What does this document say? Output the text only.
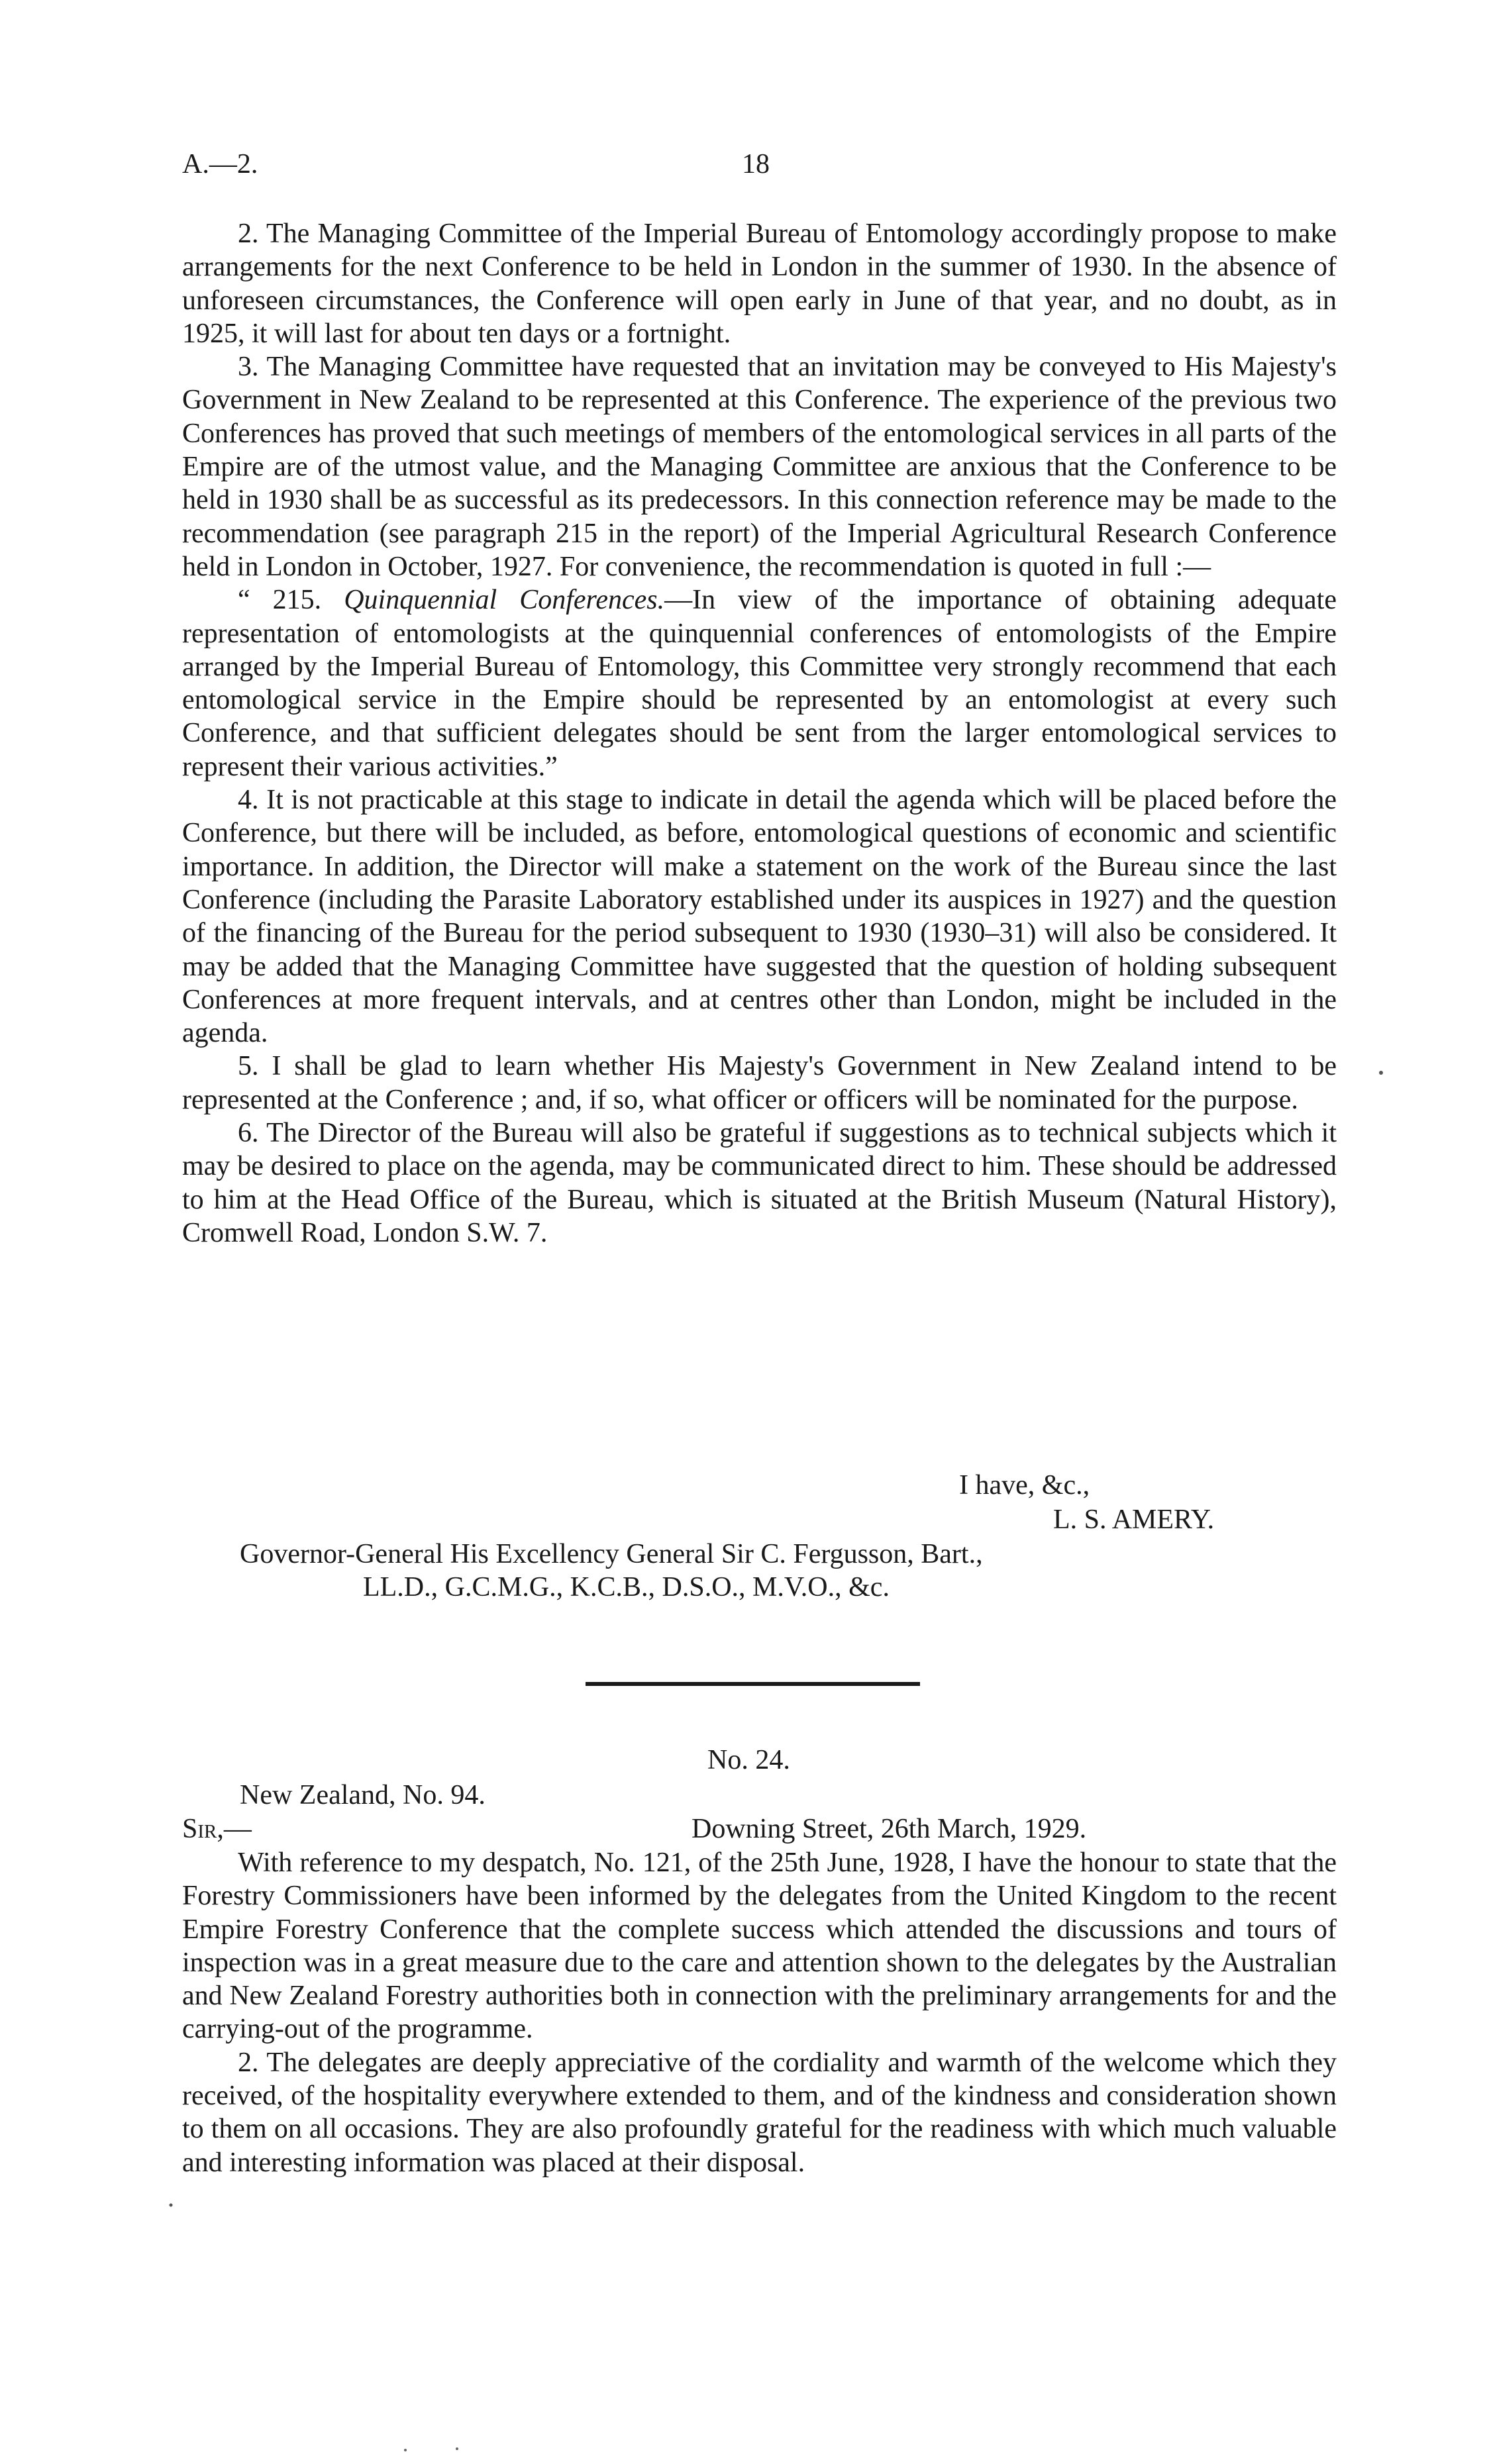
A.—2.	18

2. The Managing Committee of the Imperial Bureau of Entomology accordingly propose to make arrangements for the next Conference to be held in London in the summer of 1930. In the absence of unforeseen circumstances, the Conference will open early in June of that year, and no doubt, as in 1925, it will last for about ten days or a fortnight.

3. The Managing Committee have requested that an invitation may be conveyed to His Majesty's Government in New Zealand to be represented at this Conference. The experience of the previous two Conferences has proved that such meetings of members of the entomological services in all parts of the Empire are of the utmost value, and the Managing Committee are anxious that the Conference to be held in 1930 shall be as successful as its predecessors. In this connection reference may be made to the recommendation (see paragraph 215 in the report) of the Imperial Agricultural Research Conference held in London in October, 1927. For convenience, the recommendation is quoted in full :—

“ 215. Quinquennial Conferences.—In view of the importance of obtaining adequate representation of entomologists at the quinquennial conferences of entomologists of the Empire arranged by the Imperial Bureau of Entomology, this Committee very strongly recommend that each entomological service in the Empire should be represented by an entomologist at every such Conference, and that sufficient delegates should be sent from the larger entomological services to represent their various activities.”

4. It is not practicable at this stage to indicate in detail the agenda which will be placed before the Conference, but there will be included, as before, entomological questions of economic and scientific importance. In addition, the Director will make a statement on the work of the Bureau since the last Conference (including the Parasite Laboratory established under its auspices in 1927) and the question of the financing of the Bureau for the period subsequent to 1930 (1930–31) will also be considered. It may be added that the Managing Committee have suggested that the question of holding subsequent Conferences at more frequent intervals, and at centres other than London, might be included in the agenda.

5. I shall be glad to learn whether His Majesty's Government in New Zealand intend to be represented at the Conference ; and, if so, what officer or officers will be nominated for the purpose.

6. The Director of the Bureau will also be grateful if suggestions as to technical subjects which it may be desired to place on the agenda, may be communicated direct to him. These should be addressed to him at the Head Office of the Bureau, which is situated at the British Museum (Natural History), Cromwell Road, London S.W. 7.

I have, &c.,
L. S. AMERY.
Governor-General His Excellency General Sir C. Fergusson, Bart.,
LL.D., G.C.M.G., K.C.B., D.S.O., M.V.O., &c.
No. 24.
New Zealand, No. 94.
Sir,—	Downing Street, 26th March, 1929.

With reference to my despatch, No. 121, of the 25th June, 1928, I have the honour to state that the Forestry Commissioners have been informed by the delegates from the United Kingdom to the recent Empire Forestry Conference that the complete success which attended the discussions and tours of inspection was in a great measure due to the care and attention shown to the delegates by the Australian and New Zealand Forestry authorities both in connection with the preliminary arrangements for and the carrying-out of the programme.

2. The delegates are deeply appreciative of the cordiality and warmth of the welcome which they received, of the hospitality everywhere extended to them, and of the kindness and consideration shown to them on all occasions. They are also profoundly grateful for the readiness with which much valuable and interesting information was placed at their disposal.
